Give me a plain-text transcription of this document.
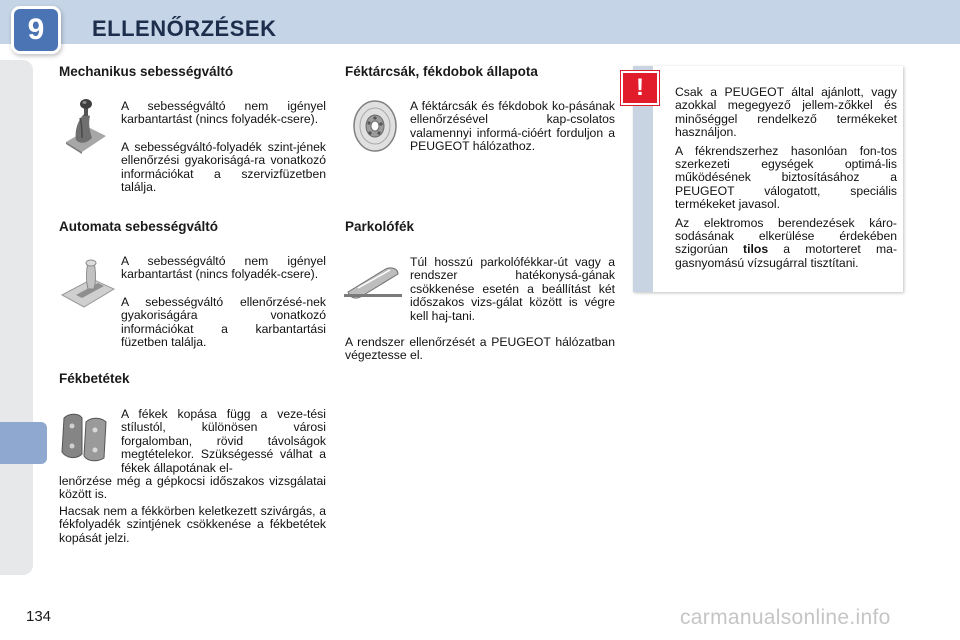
9	ELLENŐRZÉSEK
Mechanikus sebességváltó

A sebességváltó nem igényel karbantartást (nincs folyadék-csere).

A sebességváltó-folyadék szint-jének ellenőrzési gyakoriságá-ra vonatkozó információkat a szervizfüzetben találja.

Automata sebességváltó

A sebességváltó nem igényel karbantartást (nincs folyadék-csere).

A sebességváltó ellenőrzésé-nek gyakoriságára vonatkozó információkat a karbantartási füzetben találja.

Fékbetétek

A fékek kopása függ a veze-tési stílustól, különösen városi forgalomban, rövid távolságok megtételekor. Szükségessé válhat a fékek állapotának el-

lenőrzése még a gépkocsi időszakos vizsgálatai között is.

Hacsak nem a fékkörben keletkezett szivárgás, a fékfolyadék szintjének csökkenése a fékbetétek kopását jelzi.

Féktárcsák, fékdobok állapota

A féktárcsák és fékdobok ko-pásának ellenőrzésével kap-csolatos valamennyi informá-cióért forduljon a PEUGEOT hálózathoz.

Parkolófék

Túl hosszú parkolófékkar-út vagy a rendszer hatékonysá-gának csökkenése esetén a beállítást két időszakos vizs-gálat között is végre kell haj-tani.

A rendszer ellenőrzését a PEUGEOT hálózatban végeztesse el.

Csak a PEUGEOT által ajánlott, vagy azokkal megegyező jellem-zőkkel és minőséggel rendelkező termékeket használjon.

A fékrendszerhez hasonlóan fon-tos szerkezeti egységek optimá-lis működésének biztosításához a PEUGEOT válogatott, speciális termékeket javasol.

Az elektromos berendezések káro-sodásának elkerülése érdekében szigorúan tilos a motorteret ma-gasnyomású vízsugárral tisztítani.

!
134	carmanualsonline.info
